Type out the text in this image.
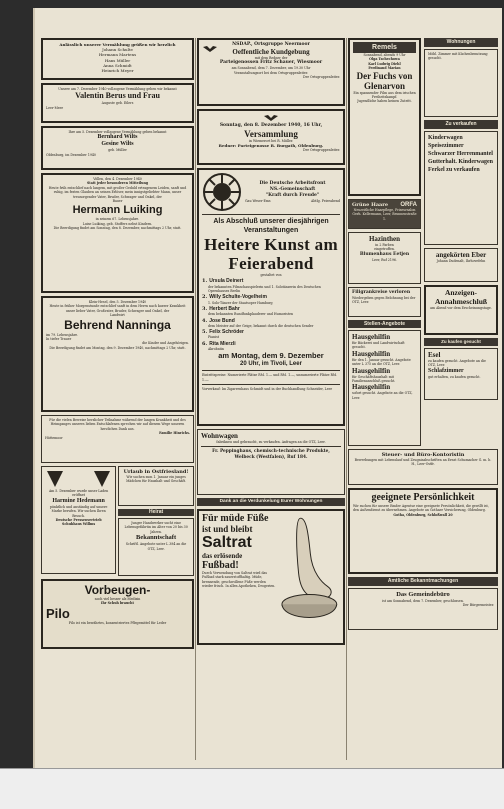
Anlässlich unserer Vermählung grüßen wir herzlich
Johann Schulte
Hermann Martens
Hans Müller
Anna Schmidt
Heinrich Meyer
Unsere am 7. Dezember 1940 vollzogene Vermählung geben wir bekannt
Valentin Berus und Frau
Auguste geb. Eilers
Leer-Meer
Ihre am 5. Dezember vollzogene Vermählung geben bekannt
Bernhard Wilts
Gesine Wilts
geb. Müller
Oldenburg, im Dezember 1940
Völlen, den 4. Dezember 1940
Statt jeder besonderen Mitteilung
Heute früh entschlief nach langem, mit großer Geduld ertragenem Leiden, sanft und ruhig, im festen Glauben an seinen Erlöser, mein innigstgeliebter Mann, unser treusorgender Vater, Bruder, Schwager und Onkel, der
Bauer
Hermann Luiking
in seinem 67. Lebensjahre.
Luise Luiking, geb. Stoffers nebst Kindern.
Die Beerdigung findet am Sonntag, den 8. Dezember, nachmittags 2 Uhr, statt.
Klein-Hesel, den 5. Dezember 1940
Heute in früher Morgenstunde entschlief sanft in dem Herrn nach kurzer Krankheit unser lieber Vater, Großvater, Bruder, Schwager und Onkel, der
Landwirt
Behrend Nanninga
im 79. Lebensjahre.
In tiefer Trauer
die Kinder und Angehörigen.
Die Beerdigung findet am Montag, den 9. Dezember 1940, nachmittags 2 Uhr, statt.
Für die vielen Beweise herzlicher Teilnahme während der langen Krankheit und des Heimganges unseres lieben Entschlafenen sprechen wir auf diesem Wege unseren herzlichen Dank aus.
Familie Hinrichs.
Hüttemoor
Am 5. Dezember wurde unser Laden eröffnet
Harmine Hedemann
pünktlich und anständig auf unsere Marke berufen. Wir suchen Ihren Besuch.
Deutsche Pressenvertrieb
Schuhhaus Willms
Urlaub in Ostfriesland!
Wir suchen zum 1. Januar ein junges Mädchen für Haushalt und Geschäft.
Heirat
Junger Handwerker sucht eine Lebensgefährtin im Alter von 20 bis 30 Jahren.
Bekanntschaft
Schriftl. Angebote unter L 384 an die OTZ, Leer.
Vorbeugen-
noch viel besser als Medizin
Ihr Schuh braucht
Pilo
Pilo ist ein bewährtes, konzentriertes Pflegemittel für Leder
NSDAP., Ortsgruppe Neermoor
Oeffentliche Kundgebung
mit dem Redner der
Parteigenossen Fritz Schauer, Wiesmoor
am Sonnabend, dem 7. Dezember, um 19.30 Uhr
Veranstaltungsort bei dem Ortsgruppenleiter.
Der Ortsgruppenleiter.
Sonntag, den 8. Dezember 1940, 16 Uhr,
Versammlung
in Wiemerort bei R. Müller.
Redner: Parteigenosse R. Burgath, Oldenburg.
Der Ortsgruppenleiter.
Die Deutsche Arbeitsfront
NS.-Gemeinschaft
"Kraft durch Freude"
Gau Weser-Ems	Abtlg. Feierabend
Als Abschluß unserer diesjährigen Veranstaltungen
Heitere Kunst am Feierabend
gestaltet von
1. Ursula Deinert
der bekannten Filmschauspielerin und 1. Solotänzerin des Deutschen Opernhauses Berlin
2. Willy Schulte-Vogelheim
1. Solo-Tänzer der Staatsoper Hamburg
3. Herbert Bahr
dem bekannten Rundfunkplauderer und Humoristen
4. Jose Bund
dem Meister auf der Geige, bekannt durch die deutschen Sender
5. Felix Schröder
Pianist
6. Rita Mierzli
Akrobatin
am Montag, dem 9. Dezember
20 Uhr, im Tivoli, Leer
Eintrittspreise: Numerierte Plätze RM. 1.— und RM. 1.—, unnumerierte Plätze RM. 1.—.
Vorverkauf: Im Zigarrenhaus Schmidt und in der Buchhandlung Schneider, Leer
Wohnwagen
fabrikneu und gebraucht, zu verkaufen. Anfragen an die OTZ, Leer.
Fr. Peppinghaus, chemisch-technische Produkte,
Welbeck (Westfalen), Ruf 184.
Dank an die Verdunkelung Eurer Wohnungen
Für müde Füße
ist und bleibt
Saltrat
das erlösende
Fußbad!
Durch Verwendung von Saltrat wird das Fußbad stark sauerstoffhaltig. Müde, brennende, geschwollene Füße werden wieder frisch. In allen Apotheken, Drogerien.
Remels
Sonnabend, abends 9 Uhr
Olga Tschechowa
Karl Ludwig Diehl
Ferdinand Marian
Der Fuchs von Glenarvon
Ein spannender Film aus dem irischen Freiheitskampf.
Jugendliche haben keinen Zutritt.
Grüne Haare ORFA
Neuzeitliche Haarpflege, Friseursalon Gerh. Kellermann, Leer, Brunnenstraße 1.
Hazinthen
in 2 Farben
eingetroffen.
Blumenhaus Eetjen
Leer, Ruf 2196.
Filigrankreise verloren
Wiedergeben gegen Belohnung bei der OTZ, Leer.
Stellen-Angebote
Hausgehilfin
für Bäckerei und Landwirtschaft gesucht.
Hausgehilfin
für den 1. Januar gesucht. Angebote unter L 375 an die OTZ, Leer.
Hausgehilfin
für Geschäftshaushalt mit Familienanschluß gesucht.
Hausgehilfin
sofort gesucht. Angebote an die OTZ, Leer.
Wohnungen
Möbl. Zimmer mit Küchenbenutzung gesucht.
Zu verkaufen
Kinderwagen
Speisezimmer
Schwarzer Herrenmantel
Gutterhalt. Kinderwagen
Ferkel zu verkaufen
angekörten Eber
Johann Dudenalt, Ihrhovefehn
Anzeigen-Annahmeschluß
am Abend vor dem Erscheinungstage.
Zu kaufen gesucht
Esel
zu kaufen gesucht. Angebote an die OTZ, Leer.
Schlafzimmer
gut erhalten, zu kaufen gesucht.
Steuer- und Büro-Kontoristin
Bewerbungen mit Lebenslauf und Zeugnisabschriften an Ernst Schumacher G. m. b. H., Leer-Ostfr.
geeignete Persönlichkeit
Wir suchen für unsere Emder Agentur eine geeignete Persönlichkeit, die gewillt ist, den Außendienst zu übernehmen. Angebote an Gothaer Versicherung, Oldenburg.
Gotha, Oldenburg, Schloßwall 20
Amtliche Bekanntmachungen
Das Gemeindebüro
ist am Sonnabend, dem 7. Dezember, geschlossen.
Der Bürgermeister.
